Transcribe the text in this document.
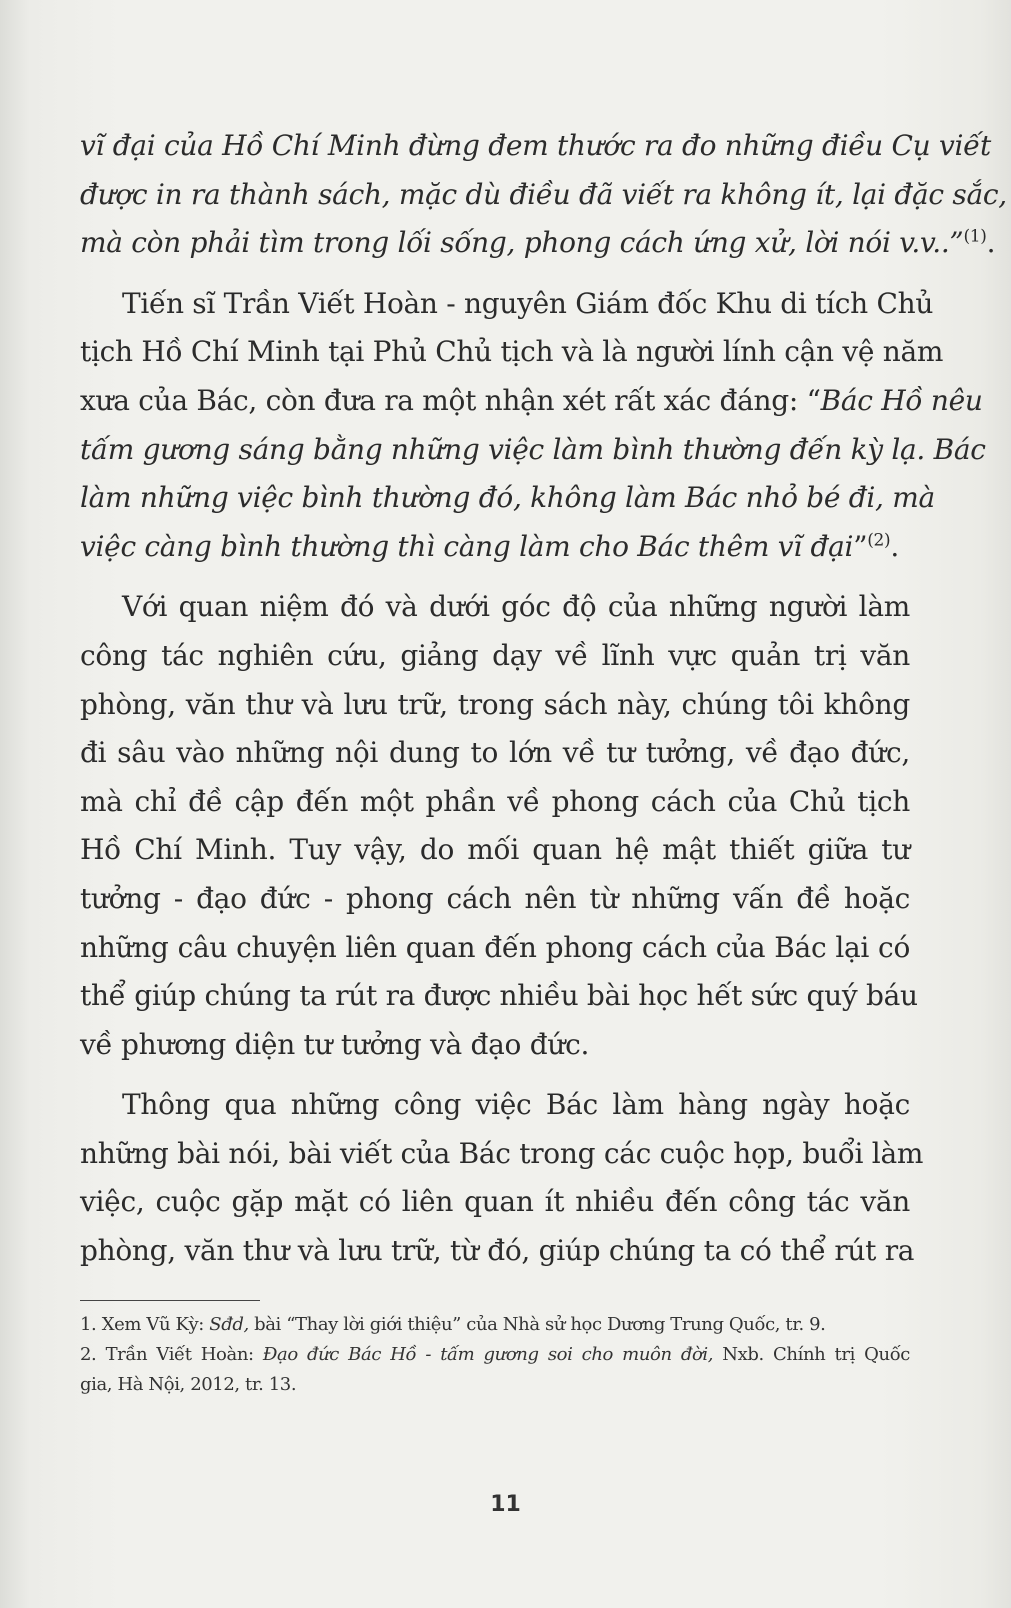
vĩ đại của Hồ Chí Minh đừng đem thước ra đo những điều Cụ viết
được in ra thành sách, mặc dù điều đã viết ra không ít, lại đặc sắc,
mà còn phải tìm trong lối sống, phong cách ứng xử, lời nói v.v..”$^{(1)}$.
Tiến sĩ Trần Viết Hoàn - nguyên Giám đốc Khu di tích Chủ
tịch Hồ Chí Minh tại Phủ Chủ tịch và là người lính cận vệ năm
xưa của Bác, còn đưa ra một nhận xét rất xác đáng: “Bác Hồ nêu
tấm gương sáng bằng những việc làm bình thường đến kỳ lạ. Bác
làm những việc bình thường đó, không làm Bác nhỏ bé đi, mà
việc càng bình thường thì càng làm cho Bác thêm vĩ đại”$^{(2)}$.
Với quan niệm đó và dưới góc độ của những người làm
công tác nghiên cứu, giảng dạy về lĩnh vực quản trị văn
phòng, văn thư và lưu trữ, trong sách này, chúng tôi không
đi sâu vào những nội dung to lớn về tư tưởng, về đạo đức,
mà chỉ đề cập đến một phần về phong cách của Chủ tịch
Hồ Chí Minh. Tuy vậy, do mối quan hệ mật thiết giữa tư
tưởng - đạo đức - phong cách nên từ những vấn đề hoặc
những câu chuyện liên quan đến phong cách của Bác lại có
thể giúp chúng ta rút ra được nhiều bài học hết sức quý báu
về phương diện tư tưởng và đạo đức.
Thông qua những công việc Bác làm hàng ngày hoặc
những bài nói, bài viết của Bác trong các cuộc họp, buổi làm
việc, cuộc gặp mặt có liên quan ít nhiều đến công tác văn
phòng, văn thư và lưu trữ, từ đó, giúp chúng ta có thể rút ra
1. Xem Vũ Kỳ: Sđd, bài “Thay lời giới thiệu” của Nhà sử học Dương Trung Quốc, tr. 9.
2. Trần Viết Hoàn: Đạo đức Bác Hồ - tấm gương soi cho muôn đời, Nxb. Chính trị Quốc
gia, Hà Nội, 2012, tr. 13.
11
